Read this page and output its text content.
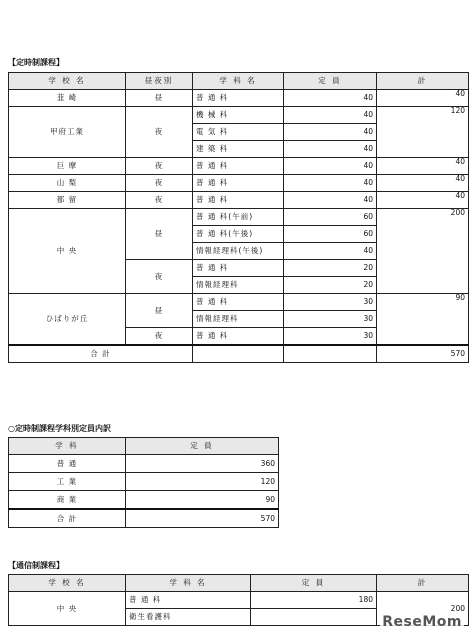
【定時制課程】
学 校 名	昼夜別	学 科 名	定 員	計
韮 崎	昼	普 通 科	40	40
甲府工業	夜	機 械 科	40	120
		電 気 科	40	
		建 築 科	40	
巨 摩	夜	普 通 科	40	40
山 梨	夜	普 通 科	40	40
都 留	夜	普 通 科	40	40
中 央	昼	普 通 科(午前)	60	200
		普 通 科(午後)	60	
		情報経理科(午後)	40	
	夜	普 通 科	20	
		情報経理科	20	
ひばりが丘	昼	普 通 科	30	90
		情報経理科	30	
	夜	普 通 科	30	
合 計				570
○定時制課程学科別定員内訳
学 科	定 員
普 通	360
工 業	120
商 業	90
合 計	570
【通信制課程】
学 校 名	学 科 名	定 員	計
中 央	普 通 科	180	200
	衛生看護科			ReseMom
